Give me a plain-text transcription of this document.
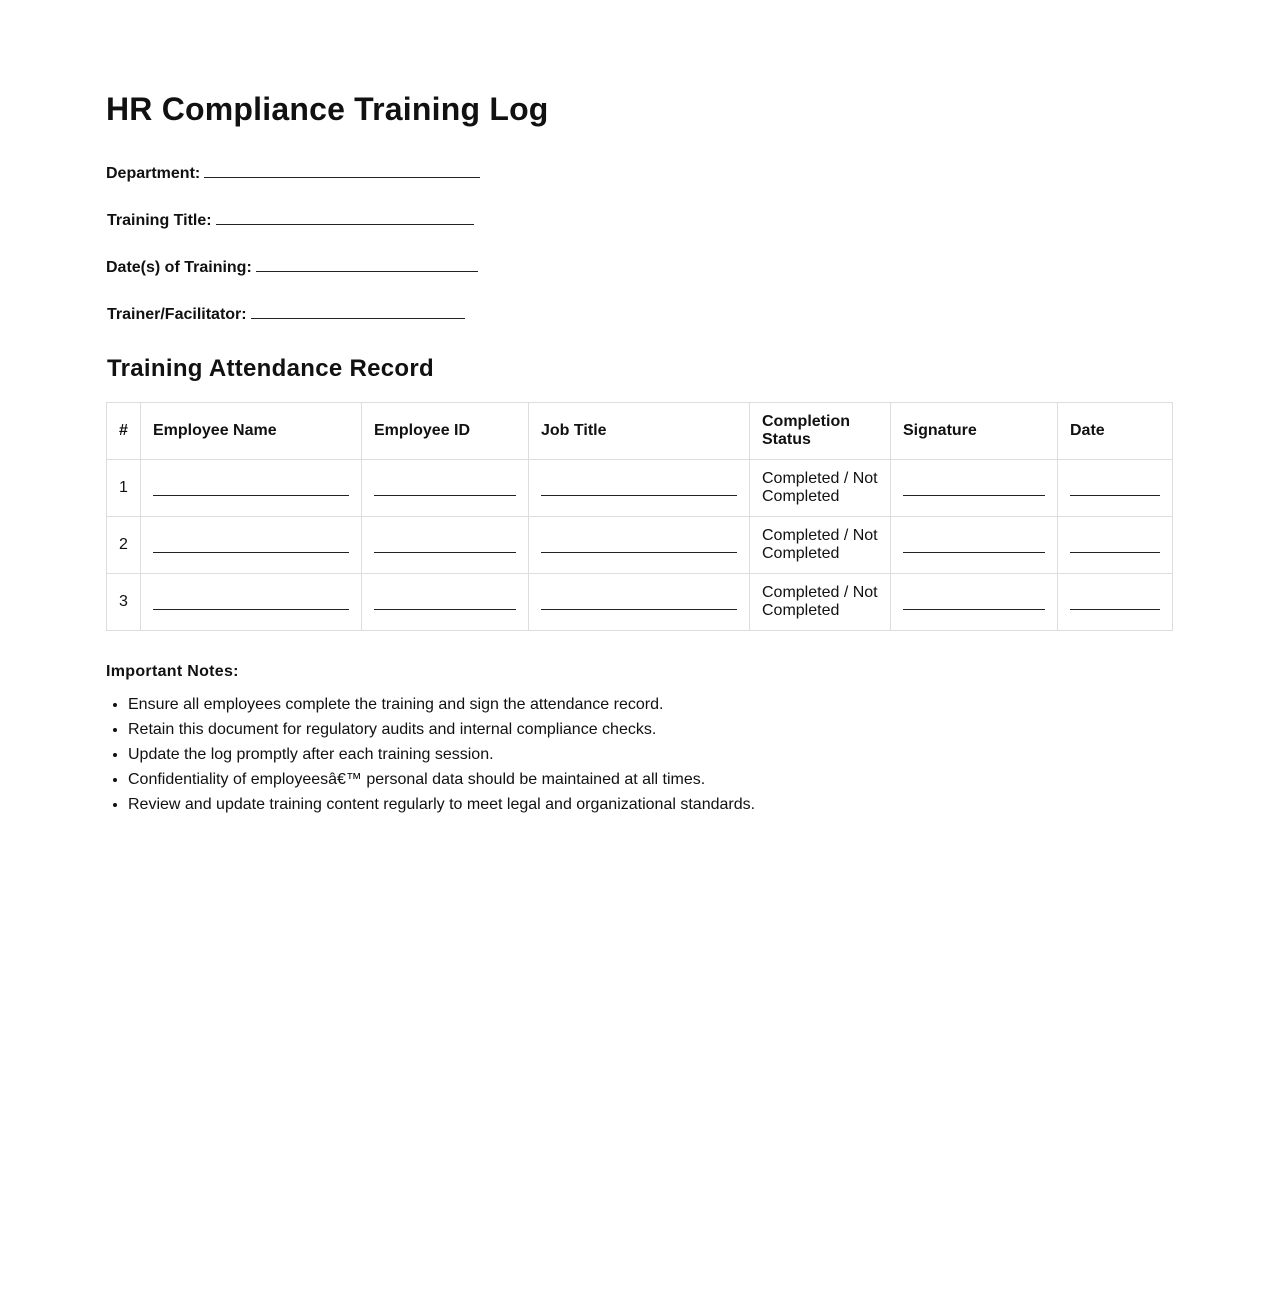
HR Compliance Training Log

Department:

Training Title:

Date(s) of Training:

Trainer/Facilitator:

Training Attendance Record
#	Employee Name	Employee ID	Job Title	Completion Status	Signature	Date
1				Completed / Not Completed	

2				Completed / Not Completed	

3				Completed / Not Completed	

Important Notes:
• Ensure all employees complete the training and sign the attendance record.
• Retain this document for regulatory audits and internal compliance checks.
• Update the log promptly after each training session.
• Confidentiality of employeesâ€™ personal data should be maintained at all times.
• Review and update training content regularly to meet legal and organizational standards.
